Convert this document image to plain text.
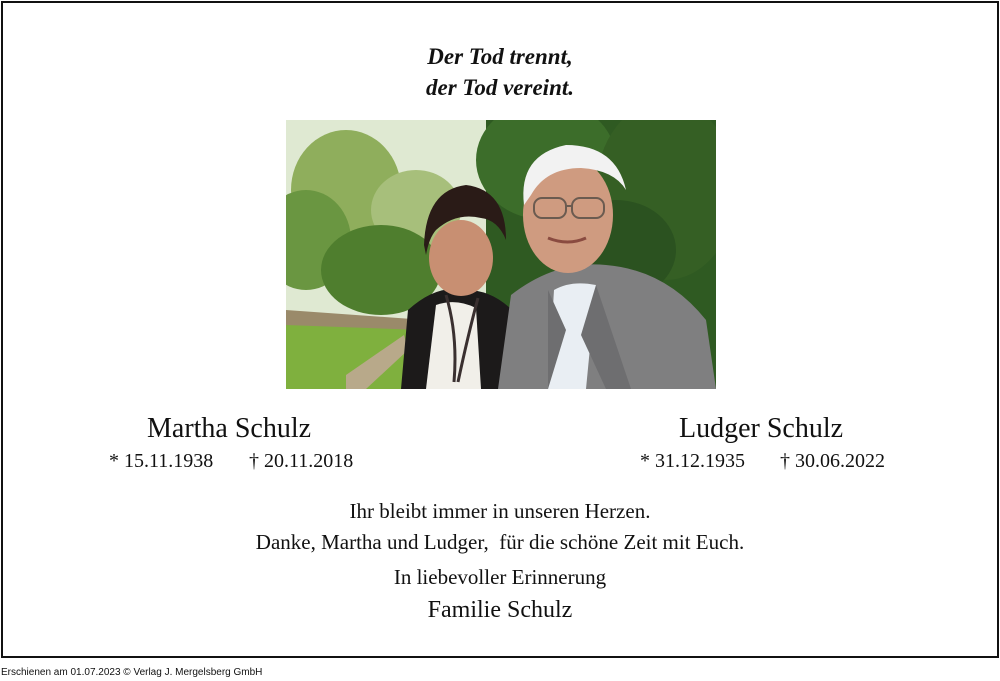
Der Tod trennt,
der Tod vereint.
Martha Schulz
* 15.11.1938 † 20.11.2018
Ludger Schulz
* 31.12.1935 † 30.06.2022
Ihr bleibt immer in unseren Herzen.
Danke, Martha und Ludger,  für die schöne Zeit mit Euch.
In liebevoller Erinnerung
Familie Schulz
Erschienen am 01.07.2023 © Verlag J. Mergelsberg GmbH
